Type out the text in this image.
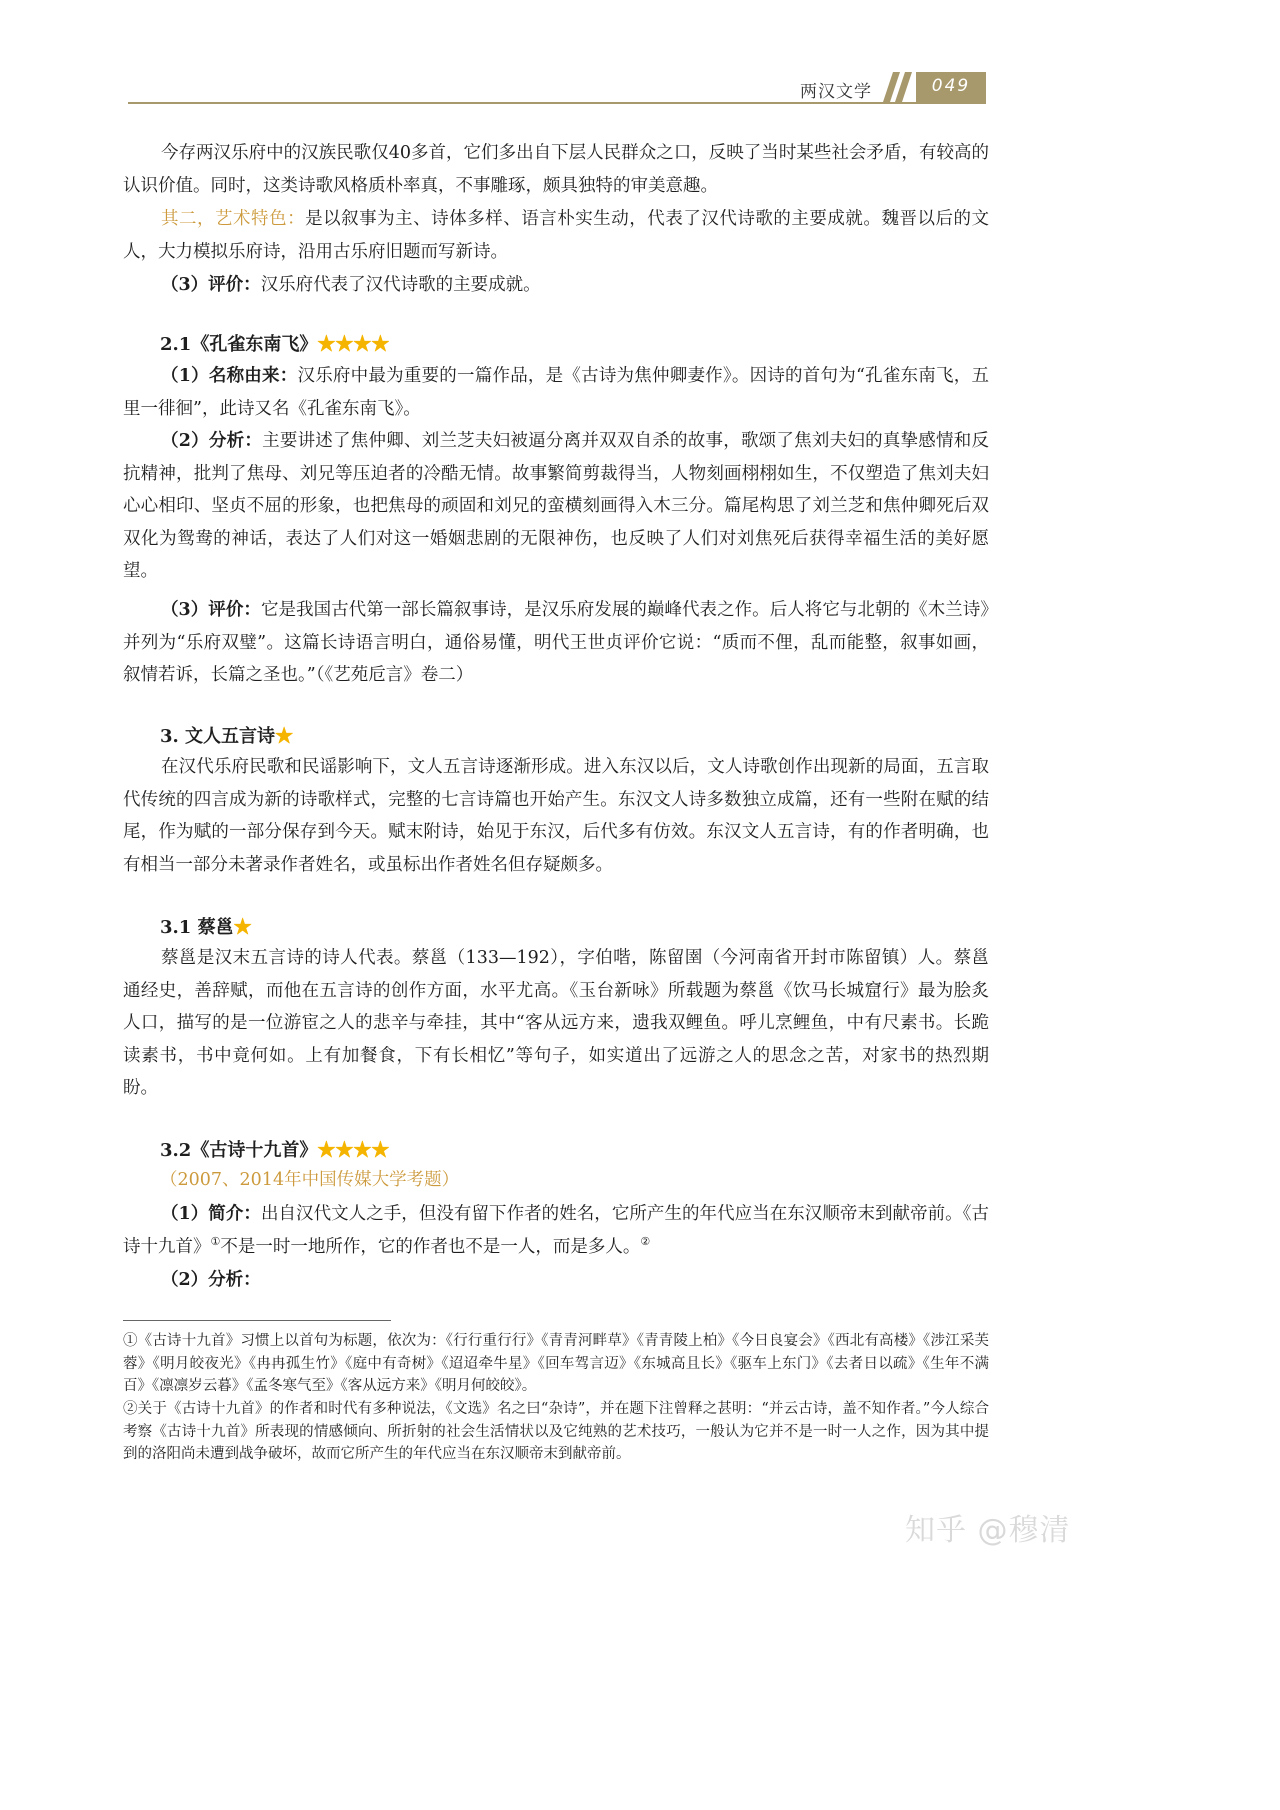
两汉文学	049

今存两汉乐府中的汉族民歌仅40多首，它们多出自下层人民群众之口，反映了当时某些社会矛盾，有较高的认识价值。同时，这类诗歌风格质朴率真，不事雕琢，颇具独特的审美意趣。

其二，艺术特色：是以叙事为主、诗体多样、语言朴实生动，代表了汉代诗歌的主要成就。魏晋以后的文人，大力模拟乐府诗，沿用古乐府旧题而写新诗。

（3）评价：汉乐府代表了汉代诗歌的主要成就。

2.1《孔雀东南飞》★★★★

（1）名称由来：汉乐府中最为重要的一篇作品，是《古诗为焦仲卿妻作》。因诗的首句为“孔雀东南飞，五里一徘徊”，此诗又名《孔雀东南飞》。

（2）分析：主要讲述了焦仲卿、刘兰芝夫妇被逼分离并双双自杀的故事，歌颂了焦刘夫妇的真挚感情和反抗精神，批判了焦母、刘兄等压迫者的冷酷无情。故事繁简剪裁得当，人物刻画栩栩如生，不仅塑造了焦刘夫妇心心相印、坚贞不屈的形象，也把焦母的顽固和刘兄的蛮横刻画得入木三分。篇尾构思了刘兰芝和焦仲卿死后双双化为鸳鸯的神话，表达了人们对这一婚姻悲剧的无限神伤，也反映了人们对刘焦死后获得幸福生活的美好愿望。

（3）评价：它是我国古代第一部长篇叙事诗，是汉乐府发展的巅峰代表之作。后人将它与北朝的《木兰诗》并列为“乐府双璧”。这篇长诗语言明白，通俗易懂，明代王世贞评价它说：“质而不俚，乱而能整，叙事如画，叙情若诉，长篇之圣也。”（《艺苑卮言》卷二）

3. 文人五言诗★

在汉代乐府民歌和民谣影响下，文人五言诗逐渐形成。进入东汉以后，文人诗歌创作出现新的局面，五言取代传统的四言成为新的诗歌样式，完整的七言诗篇也开始产生。东汉文人诗多数独立成篇，还有一些附在赋的结尾，作为赋的一部分保存到今天。赋末附诗，始见于东汉，后代多有仿效。东汉文人五言诗，有的作者明确，也有相当一部分未著录作者姓名，或虽标出作者姓名但存疑颇多。

3.1 蔡邕★

蔡邕是汉末五言诗的诗人代表。蔡邕（133—192），字伯喈，陈留圉（今河南省开封市陈留镇）人。蔡邕通经史，善辞赋，而他在五言诗的创作方面，水平尤高。《玉台新咏》所载题为蔡邕《饮马长城窟行》最为脍炙人口，描写的是一位游宦之人的悲辛与牵挂，其中“客从远方来，遗我双鲤鱼。呼儿烹鲤鱼，中有尺素书。长跪读素书，书中竟何如。上有加餐食，下有长相忆”等句子，如实道出了远游之人的思念之苦，对家书的热烈期盼。

3.2《古诗十九首》★★★★

（2007、2014年中国传媒大学考题）

（1）简介：出自汉代文人之手，但没有留下作者的姓名，它所产生的年代应当在东汉顺帝末到献帝前。《古诗十九首》①不是一时一地所作，它的作者也不是一人，而是多人。②

（2）分析：

①《古诗十九首》习惯上以首句为标题，依次为：《行行重行行》《青青河畔草》《青青陵上柏》《今日良宴会》《西北有高楼》《涉江采芙蓉》《明月皎夜光》《冉冉孤生竹》《庭中有奇树》《迢迢牵牛星》《回车驾言迈》《东城高且长》《驱车上东门》《去者日以疏》《生年不满百》《凛凛岁云暮》《孟冬寒气至》《客从远方来》《明月何皎皎》。

②关于《古诗十九首》的作者和时代有多种说法，《文选》名之曰“杂诗”，并在题下注曾释之甚明：“并云古诗，盖不知作者。”今人综合考察《古诗十九首》所表现的情感倾向、所折射的社会生活情状以及它纯熟的艺术技巧，一般认为它并不是一时一人之作，因为其中提到的洛阳尚未遭到战争破坏，故而它所产生的年代应当在东汉顺帝末到献帝前。

知乎 @穆清
